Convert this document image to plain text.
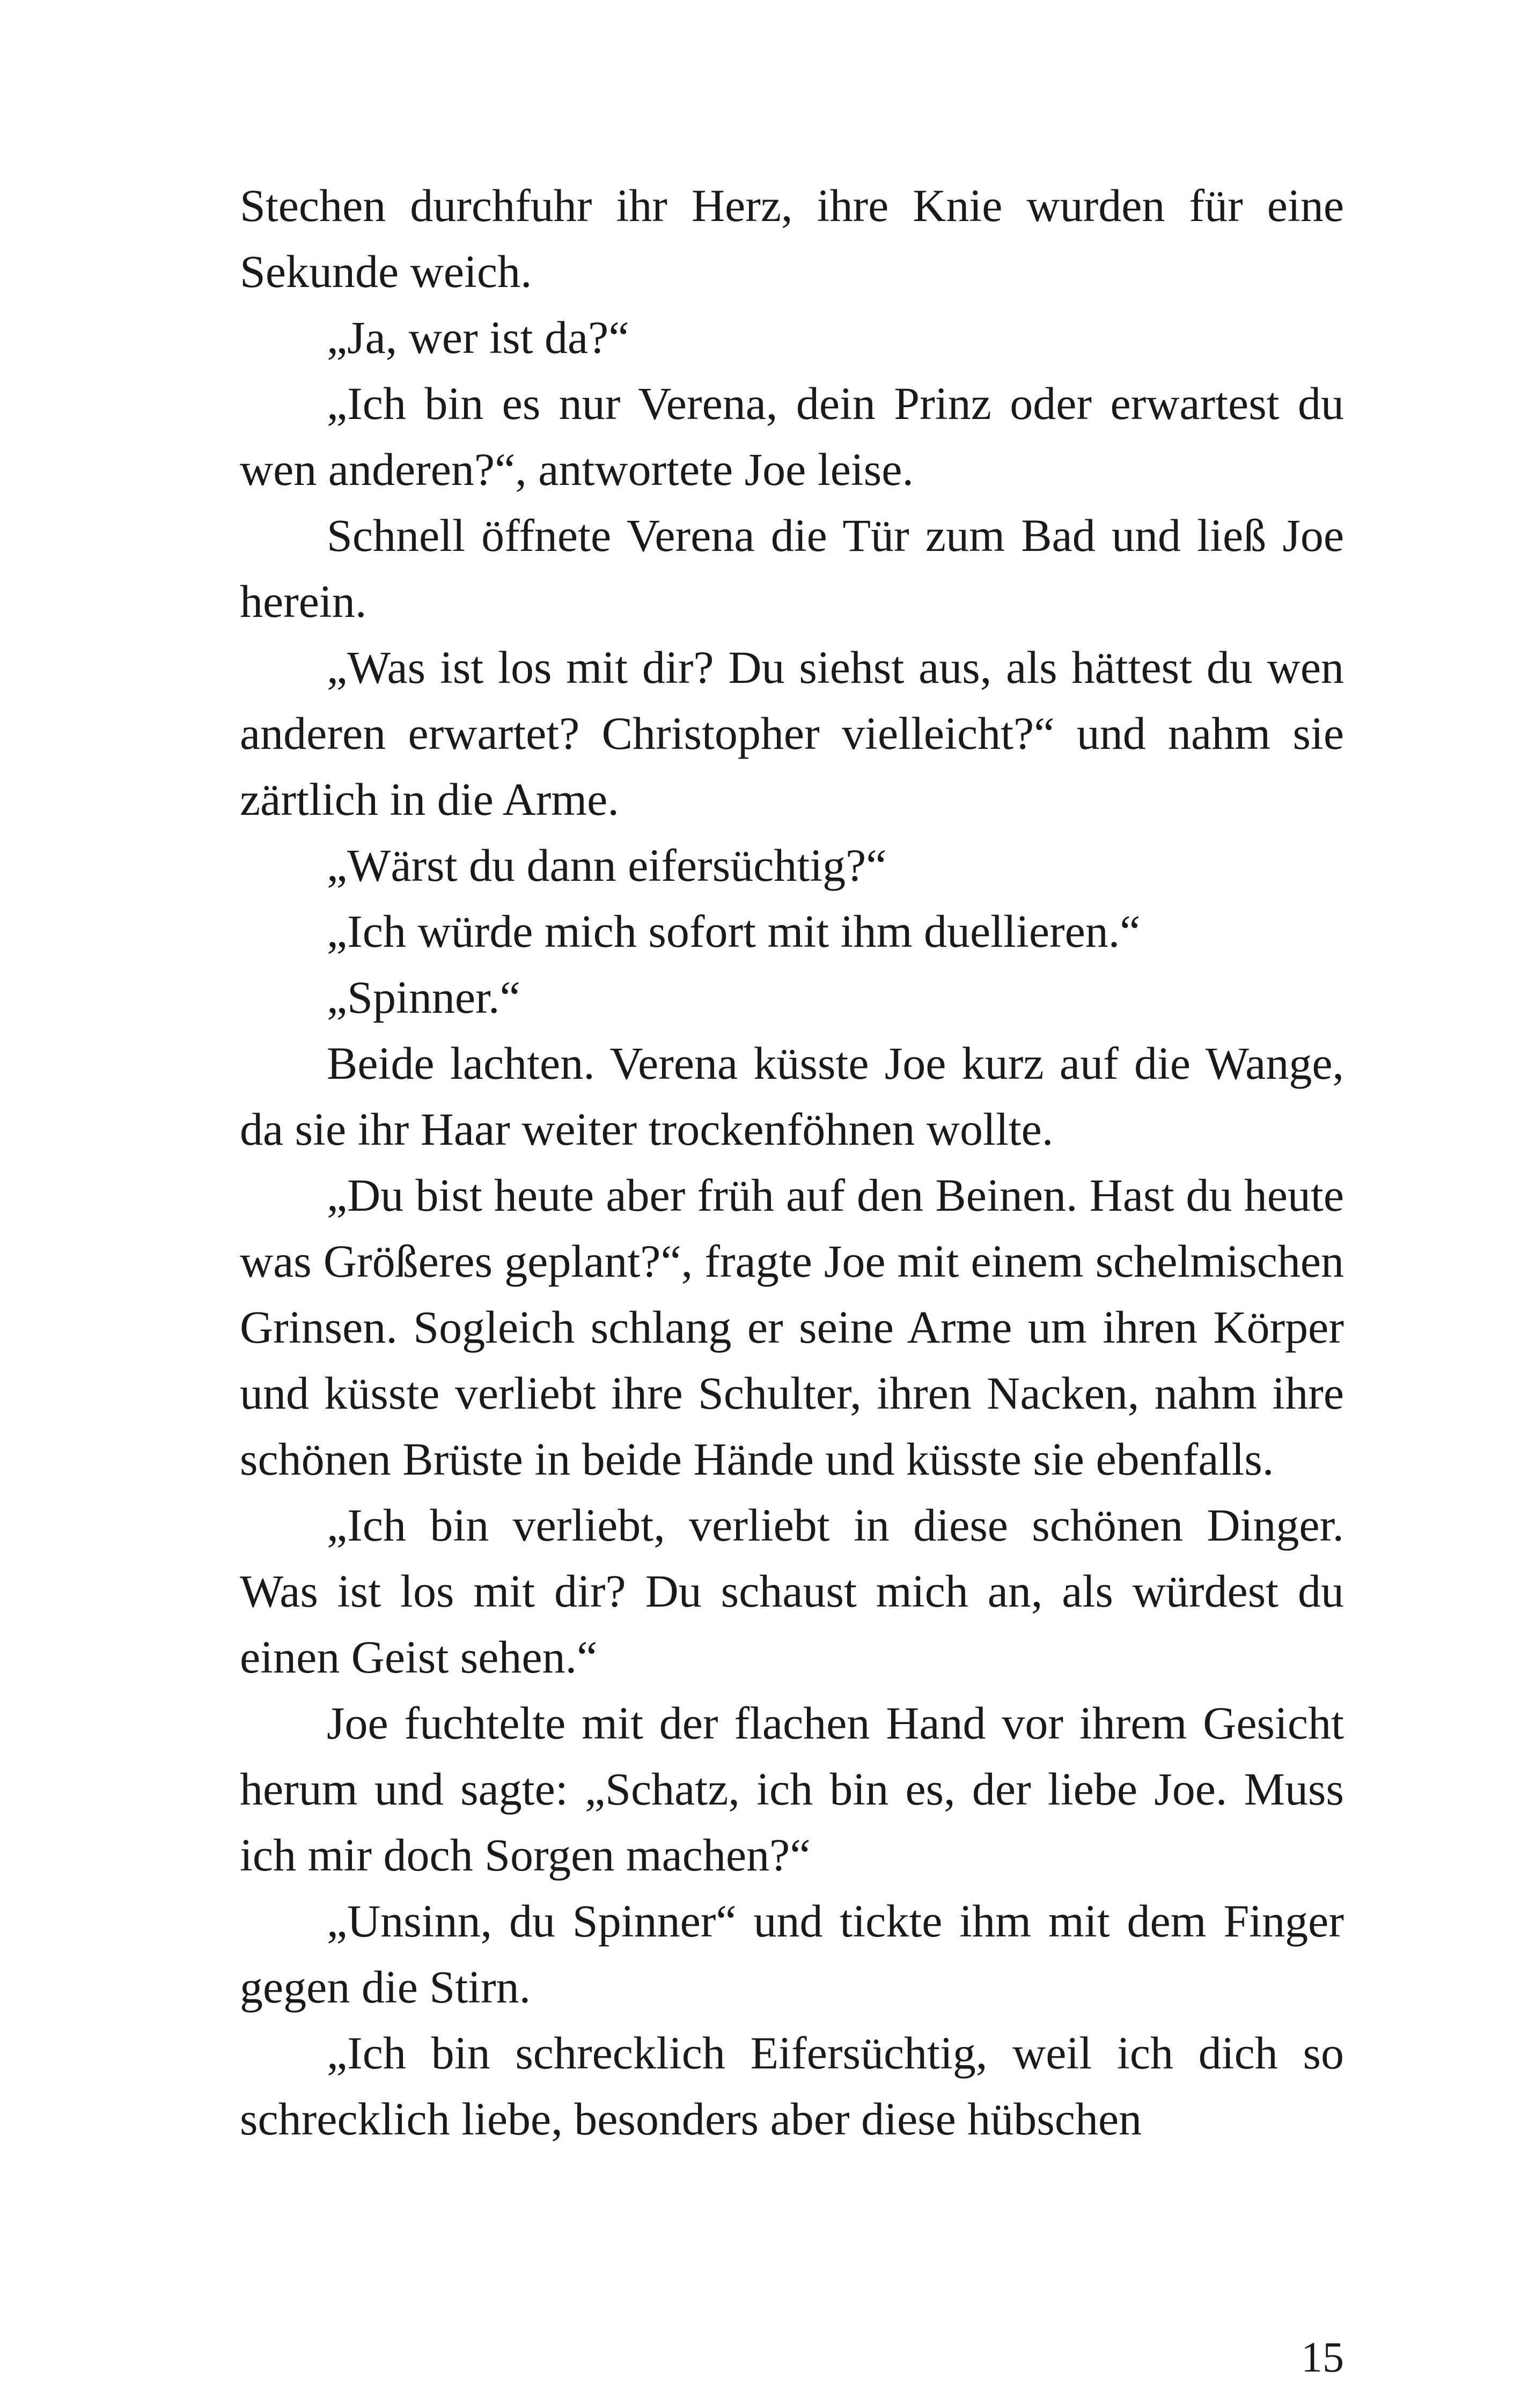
Stechen durchfuhr ihr Herz, ihre Knie wurden für eine Sekunde weich.

„Ja, wer ist da?“

„Ich bin es nur Verena, dein Prinz oder erwartest du wen anderen?“, antwortete Joe leise.

Schnell öffnete Verena die Tür zum Bad und ließ Joe herein.

„Was ist los mit dir? Du siehst aus, als hättest du wen anderen erwartet? Christopher vielleicht?“ und nahm sie zärtlich in die Arme.

„Wärst du dann eifersüchtig?“

„Ich würde mich sofort mit ihm duellieren.“

„Spinner.“

Beide lachten. Verena küsste Joe kurz auf die Wange, da sie ihr Haar weiter trockenföhnen wollte.

„Du bist heute aber früh auf den Beinen. Hast du heute was Größeres geplant?“, fragte Joe mit einem schelmischen Grinsen. Sogleich schlang er seine Arme um ihren Körper und küsste verliebt ihre Schulter, ihren Nacken, nahm ihre schönen Brüste in beide Hände und küsste sie ebenfalls.

„Ich bin verliebt, verliebt in diese schönen Dinger. Was ist los mit dir? Du schaust mich an, als würdest du einen Geist sehen.“

Joe fuchtelte mit der flachen Hand vor ihrem Gesicht herum und sagte: „Schatz, ich bin es, der liebe Joe. Muss ich mir doch Sorgen machen?“

„Unsinn, du Spinner“ und tickte ihm mit dem Finger gegen die Stirn.

„Ich bin schrecklich Eifersüchtig, weil ich dich so schrecklich liebe, besonders aber diese hübschen

15
